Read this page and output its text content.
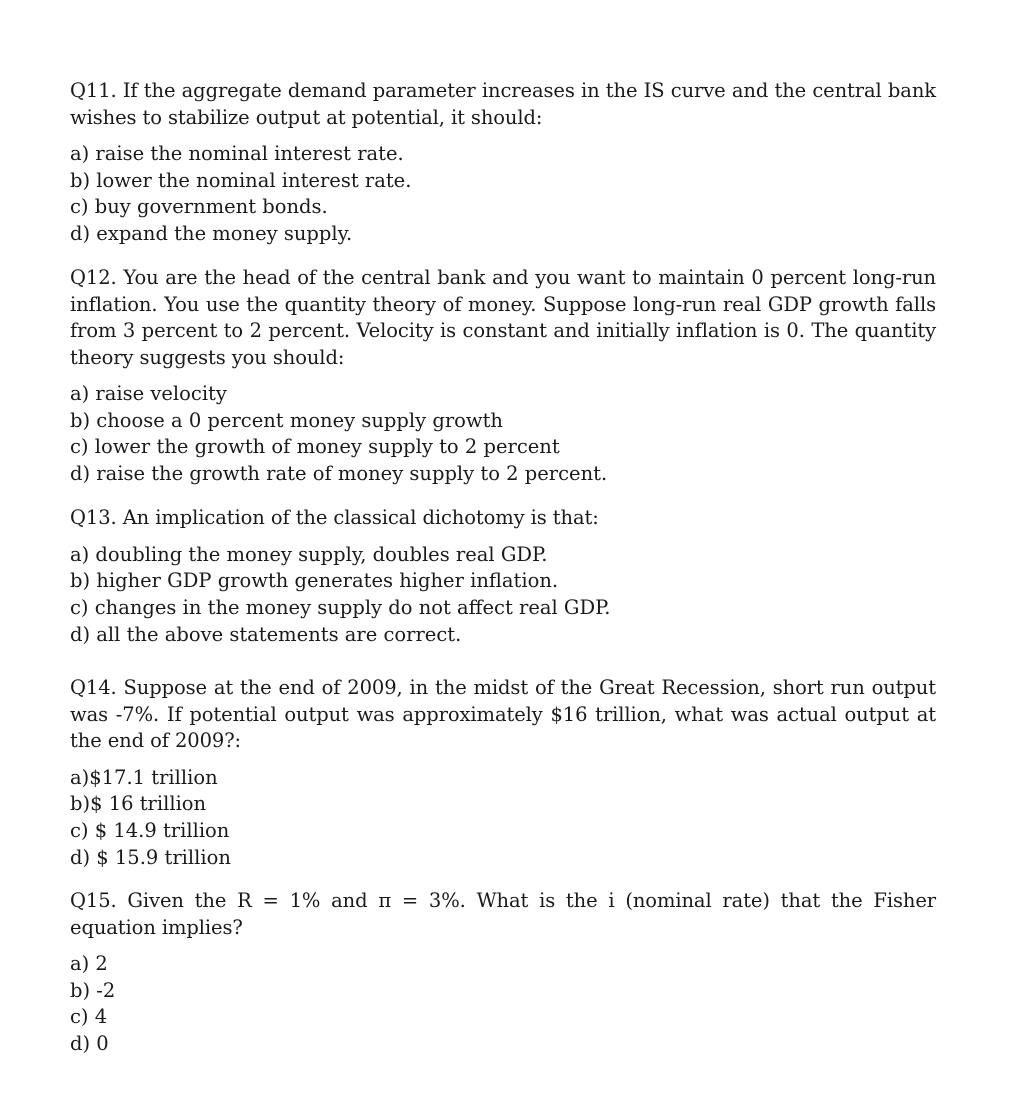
Q11. If the aggregate demand parameter increases in the IS curve and the central bank wishes to stabilize output at potential, it should:

a) raise the nominal interest rate.
b) lower the nominal interest rate.
c) buy government bonds.
d) expand the money supply.

Q12. You are the head of the central bank and you want to maintain 0 percent long-run inflation. You use the quantity theory of money. Suppose long-run real GDP growth falls from 3 percent to 2 percent. Velocity is constant and initially inflation is 0. The quantity theory suggests you should:

a) raise velocity
b) choose a 0 percent money supply growth
c) lower the growth of money supply to 2 percent
d) raise the growth rate of money supply to 2 percent.

Q13. An implication of the classical dichotomy is that:

a) doubling the money supply, doubles real GDP.
b) higher GDP growth generates higher inflation.
c) changes in the money supply do not affect real GDP.
d) all the above statements are correct.

Q14. Suppose at the end of 2009, in the midst of the Great Recession, short run output was -7%. If potential output was approximately $16 trillion, what was actual output at the end of 2009?:

a)$17.1 trillion
b)$ 16 trillion
c) $ 14.9 trillion
d) $ 15.9 trillion

Q15. Given the R = 1% and π = 3%. What is the i (nominal rate) that the Fisher equation implies?

a) 2
b) -2
c) 4
d) 0
